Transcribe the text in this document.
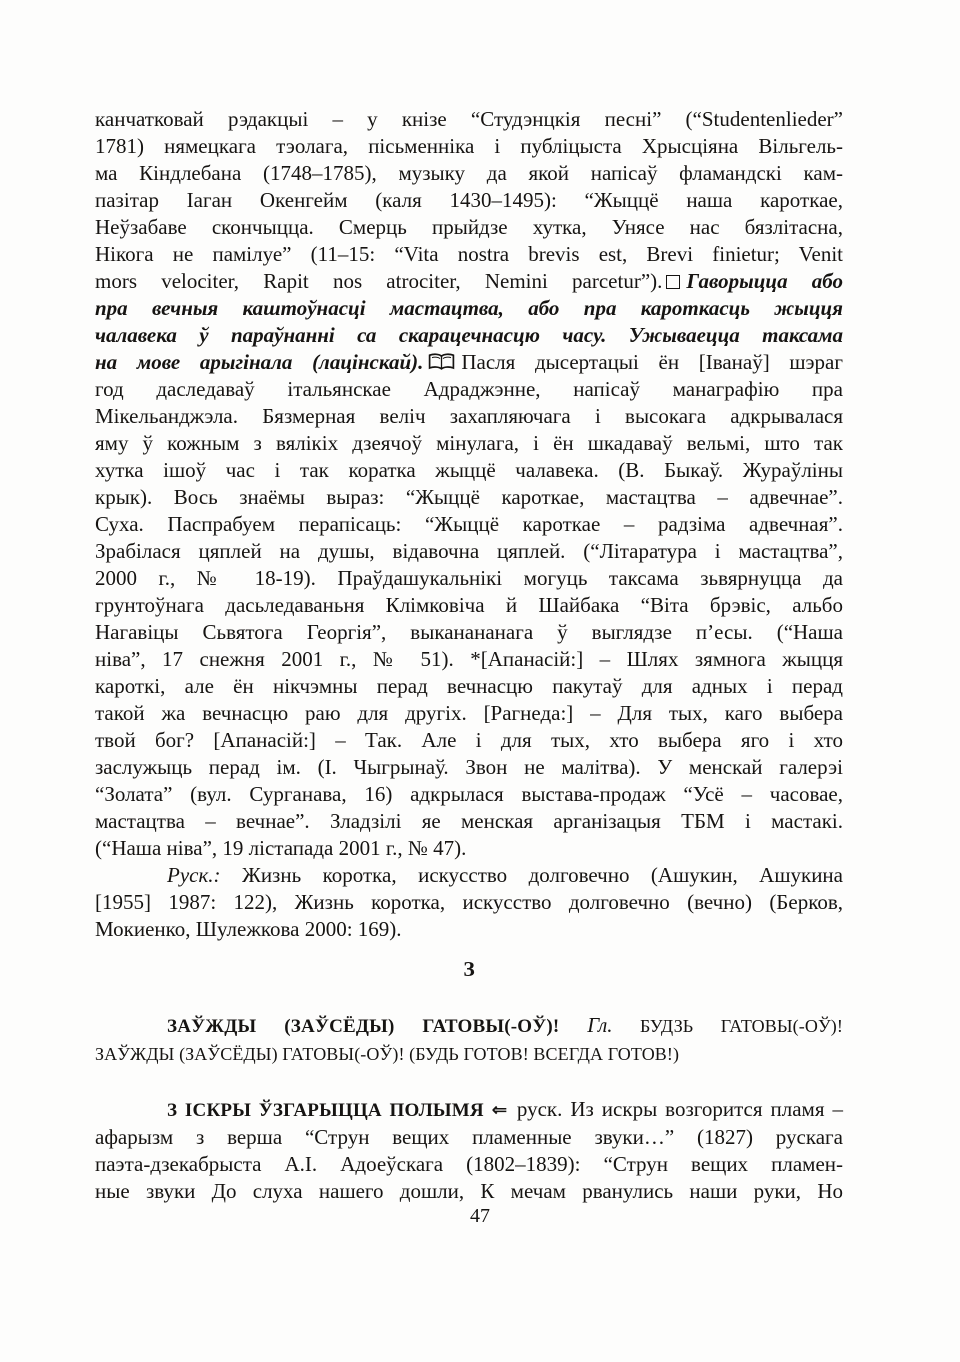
канчатковай рэдакцыі – у кнізе “Студэнцкія песні” (“Studentenlieder”
1781) нямецкага тэолага, пісьменніка і публіцыста Хрысціяна Вільгель-
ма Кіндлебана (1748–1785), музыку да якой напісаў фламандскі кам-
пазітар Іаган Окенгейм (каля 1430–1495): “Жыццё наша кароткае,
Неўзабаве скончыцца. Смерць прыйдзе хутка, Унясе нас бязлітасна,
Нікога не памілуе” (11–15: “Vita nostra brevis est, Brevi finietur; Venit
mors velociter, Rapit nos atrociter, Nemini parcetur”). Гаворыцца або
пра вечныя каштоўнасці мастацтва, або пра кароткасць жыцця
чалавека ў параўнанні са скарацечнасцю часу. Ужываецца таксама
на мове арыгінала (лацінскай). Пасля дысертацыі ён [Іванаў] шэраг
год даследаваў італьянскае Адраджэнне, напісаў манаграфію пра
Мікельанджэла. Бязмерная веліч захапляючага і высокага адкрывалася
яму ў кожным з вялікіх дзеячоў мінулага, і ён шкадаваў вельмі, што так
хутка ішоў час і так коратка жыццё чалавека. (В. Быкаў. Жураўліны
крык). Вось знаёмы выраз: “Жыццё кароткае, мастацтва – адвечнае”.
Суха. Паспрабуем перапісаць: “Жыццё кароткае – радзіма адвечная”.
Зрабілася цяплей на душы, відавочна цяплей. (“Літаратура і мастацтва”,
2000 г., № 18-19). Праўдашукальнікі могуць таксама зьвярнуцца да
грунтоўнага дасьледаваньня Клімковіча й Шайбака “Віта брэвіс, альбо
Нагавіцы Сьвятога Георгія”, выканананага ў выглядзе п’есы. (“Наша
ніва”, 17 снежня 2001 г., № 51). *[Апанасій:] – Шлях зямнога жыцця
кароткі, але ён нікчэмны перад вечнасцю пакутаў для адных і перад
такой жа вечнасцю раю для другіх. [Рагнеда:] – Для тых, каго выбера
твой бог? [Апанасій:] – Так. Але і для тых, хто выбера яго і хто
заслужыць перад ім. (І. Чыгрынаў. Звон не малітва). У менскай галерэі
“Золата” (вул. Сурганава, 16) адкрылася выстава-продаж “Усё – часовае,
мастацтва – вечнае”. Зладзілі яе менская арганізацыя ТБМ і мастакі.
(“Наша ніва”, 19 лістапада 2001 г., № 47).
Руск.: Жизнь коротка, искусство долговечно (Ашукин, Ашукина
[1955] 1987: 122), Жизнь коротка, искусство долговечно (вечно) (Берков,
Мокиенко, Шулежкова 2000: 169).
З
ЗАЎЖДЫ (ЗАЎСЁДЫ) ГАТОВЫ(-ОЎ)! Гл. БУДЗЬ ГАТОВЫ(-ОЎ)!
ЗАЎЖДЫ (ЗАЎСЁДЫ) ГАТОВЫ(-ОЎ)! (БУДЬ ГОТОВ! ВСЕГДА ГОТОВ!)
З ІСКРЫ ЎЗГАРЫЦЦА ПОЛЫМЯ ⇐ руск. Из искры возгорится пламя –
афарызм з верша “Струн вещих пламенные звуки…” (1827) рускага
паэта-дзекабрыста А.І. Адоеўскага (1802–1839): “Струн вещих пламен-
ные звуки До слуха нашего дошли, К мечам рванулись наши руки, Но
47
